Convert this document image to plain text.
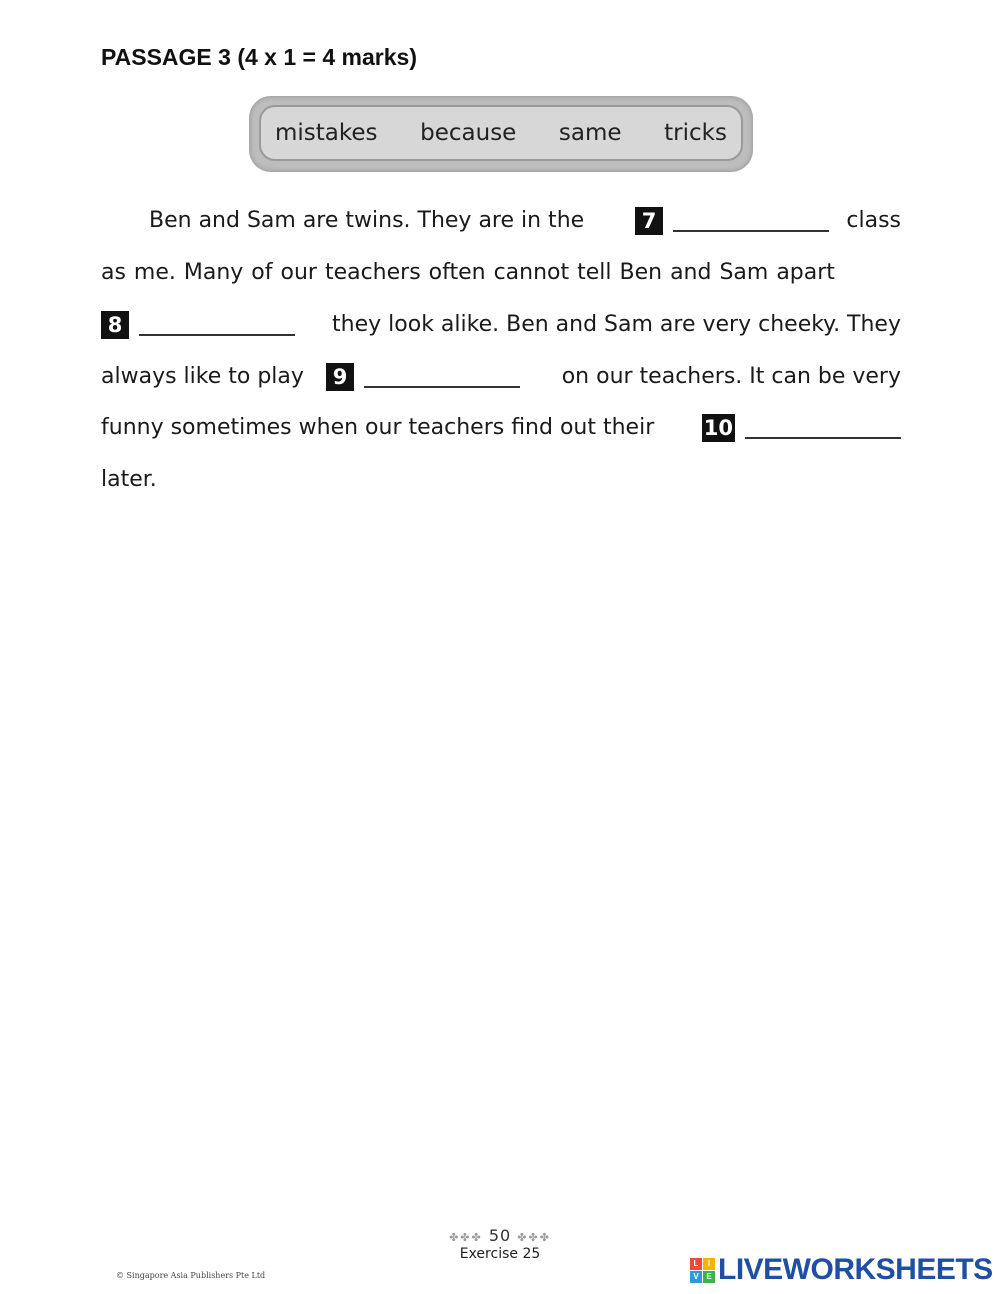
PASSAGE 3 (4 x 1 = 4 marks)
mistakes because same tricks
Ben and Sam are twins. They are in the	7	class
as me. Many of our teachers often cannot tell Ben and Sam apart
8	they look alike. Ben and Sam are very cheeky. They
always like to play	9	on our teachers. It can be very
funny sometimes when our teachers find out their 10
later.
✤✤✤ 50 ✤✤✤
Exercise 25
© Singapore Asia Publishers Pte Ltd
L	I
V E LIVEWORKSHEETS
